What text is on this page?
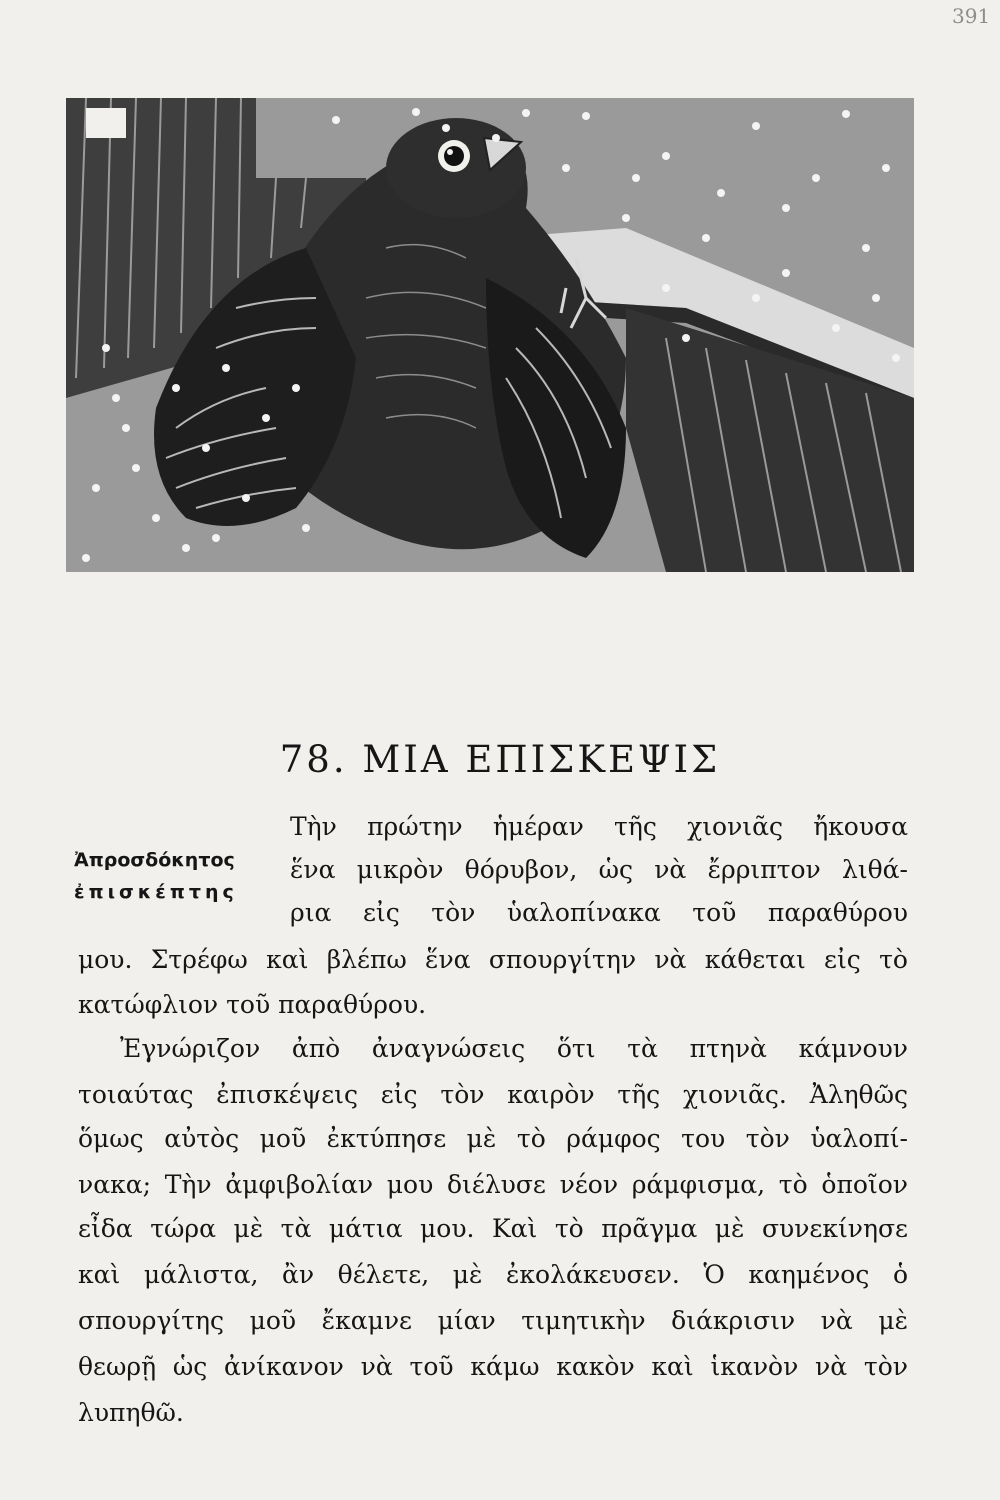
391
78. ΜΙΑ ΕΠΙΣΚΕΨΙΣ
Ἀπροσδόκητος
ἐπισκέπτης
Τὴν πρώτην ἡμέραν τῆς χιονιᾶς ἤκουσα
ἕνα μικρὸν θόρυβον, ὡς νὰ ἔρριπτον λιθά-
ρια εἰς τὸν ὑαλοπίνακα τοῦ παραθύρου
μου. Στρέφω καὶ βλέπω ἕνα σπουργίτην νὰ κάθεται εἰς τὸ
κατώφλιον τοῦ παραθύρου.
Ἐγνώριζον ἀπὸ ἀναγνώσεις ὅτι τὰ πτηνὰ κάμνουν
τοιαύτας ἐπισκέψεις εἰς τὸν καιρὸν τῆς χιονιᾶς. Ἀληθῶς
ὅμως αὐτὸς μοῦ ἐκτύπησε μὲ τὸ ράμφος του τὸν ὑαλοπί-
νακα; Τὴν ἀμφιβολίαν μου διέλυσε νέον ράμφισμα, τὸ ὁποῖον
εἶδα τώρα μὲ τὰ μάτια μου. Καὶ τὸ πρᾶγμα μὲ συνεκίνησε
καὶ μάλιστα, ἂν θέλετε, μὲ ἐκολάκευσεν. Ὁ καημένος ὁ
σπουργίτης μοῦ ἔκαμνε μίαν τιμητικὴν διάκρισιν νὰ μὲ
θεωρῇ ὡς ἀνίκανον νὰ τοῦ κάμω κακὸν καὶ ἱκανὸν νὰ τὸν
λυπηθῶ.
